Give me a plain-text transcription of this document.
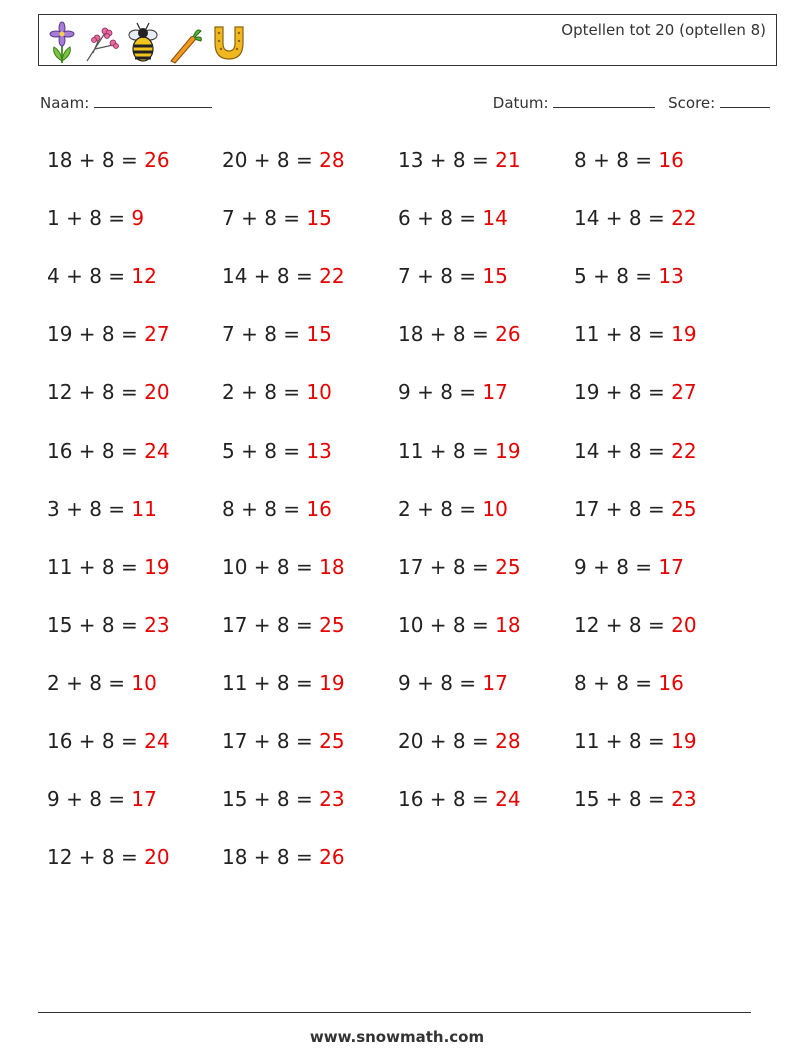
Optellen tot 20 (optellen 8)
Naam:	Datum:	Score:
18 + 8 = 26	20 + 8 = 28	13 + 8 = 21	8 + 8 = 16
1 + 8 = 9	7 + 8 = 15	6 + 8 = 14	14 + 8 = 22
4 + 8 = 12	14 + 8 = 22	7 + 8 = 15	5 + 8 = 13
19 + 8 = 27	7 + 8 = 15	18 + 8 = 26	11 + 8 = 19
12 + 8 = 20	2 + 8 = 10	9 + 8 = 17	19 + 8 = 27
16 + 8 = 24	5 + 8 = 13	11 + 8 = 19	14 + 8 = 22
3 + 8 = 11	8 + 8 = 16	2 + 8 = 10	17 + 8 = 25
11 + 8 = 19	10 + 8 = 18	17 + 8 = 25	9 + 8 = 17
15 + 8 = 23	17 + 8 = 25	10 + 8 = 18	12 + 8 = 20
2 + 8 = 10	11 + 8 = 19	9 + 8 = 17	8 + 8 = 16
16 + 8 = 24	17 + 8 = 25	20 + 8 = 28	11 + 8 = 19
9 + 8 = 17	15 + 8 = 23	16 + 8 = 24	15 + 8 = 23
12 + 8 = 20	18 + 8 = 26
www.snowmath.com
